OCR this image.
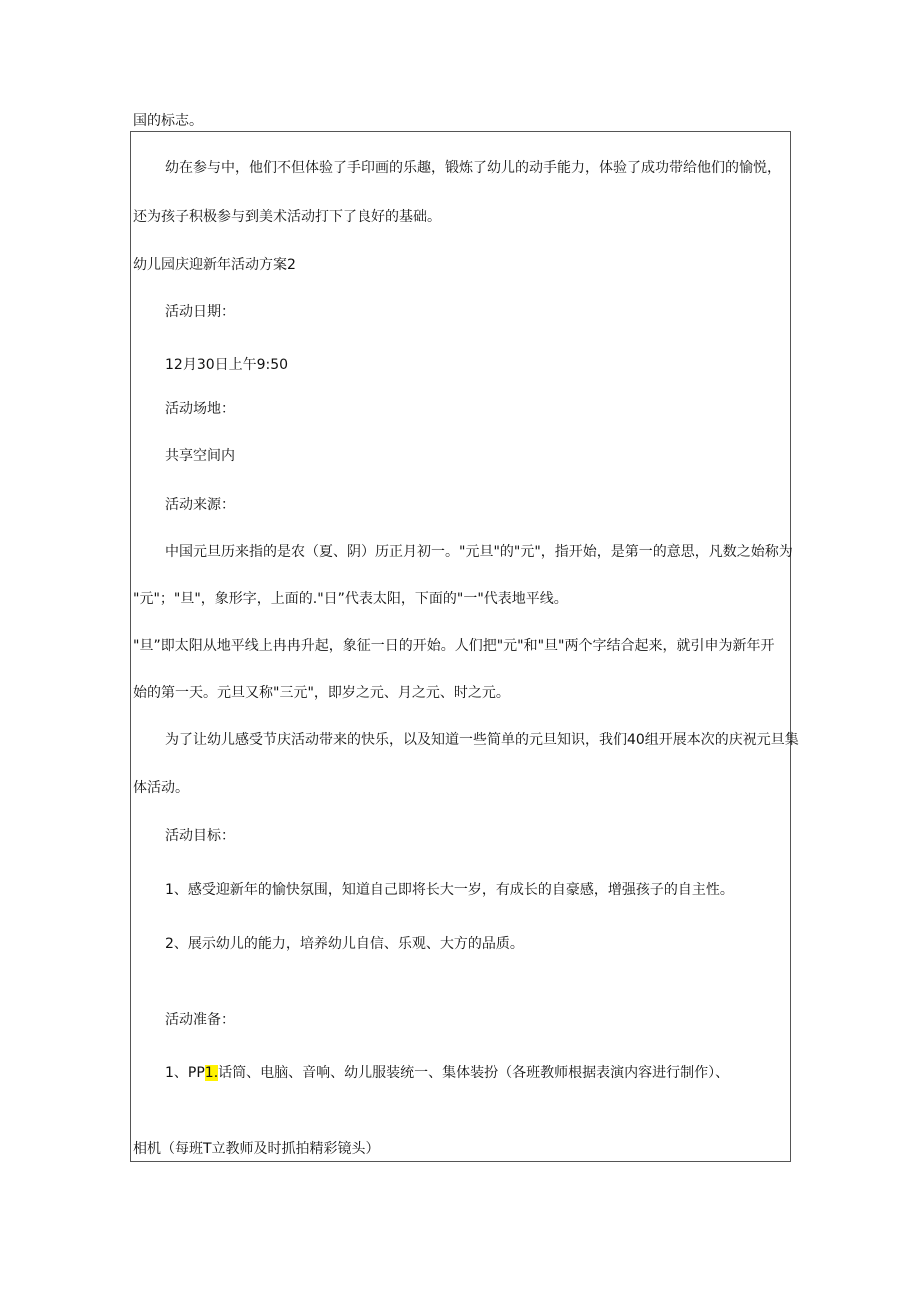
国的标志。
幼在参与中，他们不但体验了手印画的乐趣，锻炼了幼儿的动手能力，体验了成功带给他们的愉悦，
还为孩子积极参与到美术活动打下了良好的基础。
幼儿园庆迎新年活动方案2
活动日期：
12月30日上午9:50
活动场地：
共享空间内
活动来源：
中国元旦历来指的是农（夏、阴）历正月初一。"元旦"的"元"，指开始，是第一的意思，凡数之始称为
"元"；"旦"，象形字，上面的."日”代表太阳，下面的"一"代表地平线。
"旦”即太阳从地平线上冉冉升起，象征一日的开始。人们把"元"和"旦"两个字结合起来，就引申为新年开
始的第一天。元旦又称"三元"，即岁之元、月之元、时之元。
为了让幼儿感受节庆活动带来的快乐，以及知道一些简单的元旦知识，我们40组开展本次的庆祝元旦集
体活动。
活动目标：
1、感受迎新年的愉快氛围，知道自己即将长大一岁，有成长的自豪感，增强孩子的自主性。
2、展示幼儿的能力，培养幼儿自信、乐观、大方的品质。
活动准备：
1、PP1.话筒、电脑、音响、幼儿服装统一、集体装扮（各班教师根据表演内容进行制作）、
相机（每班T立教师及时抓拍精彩镜头）
